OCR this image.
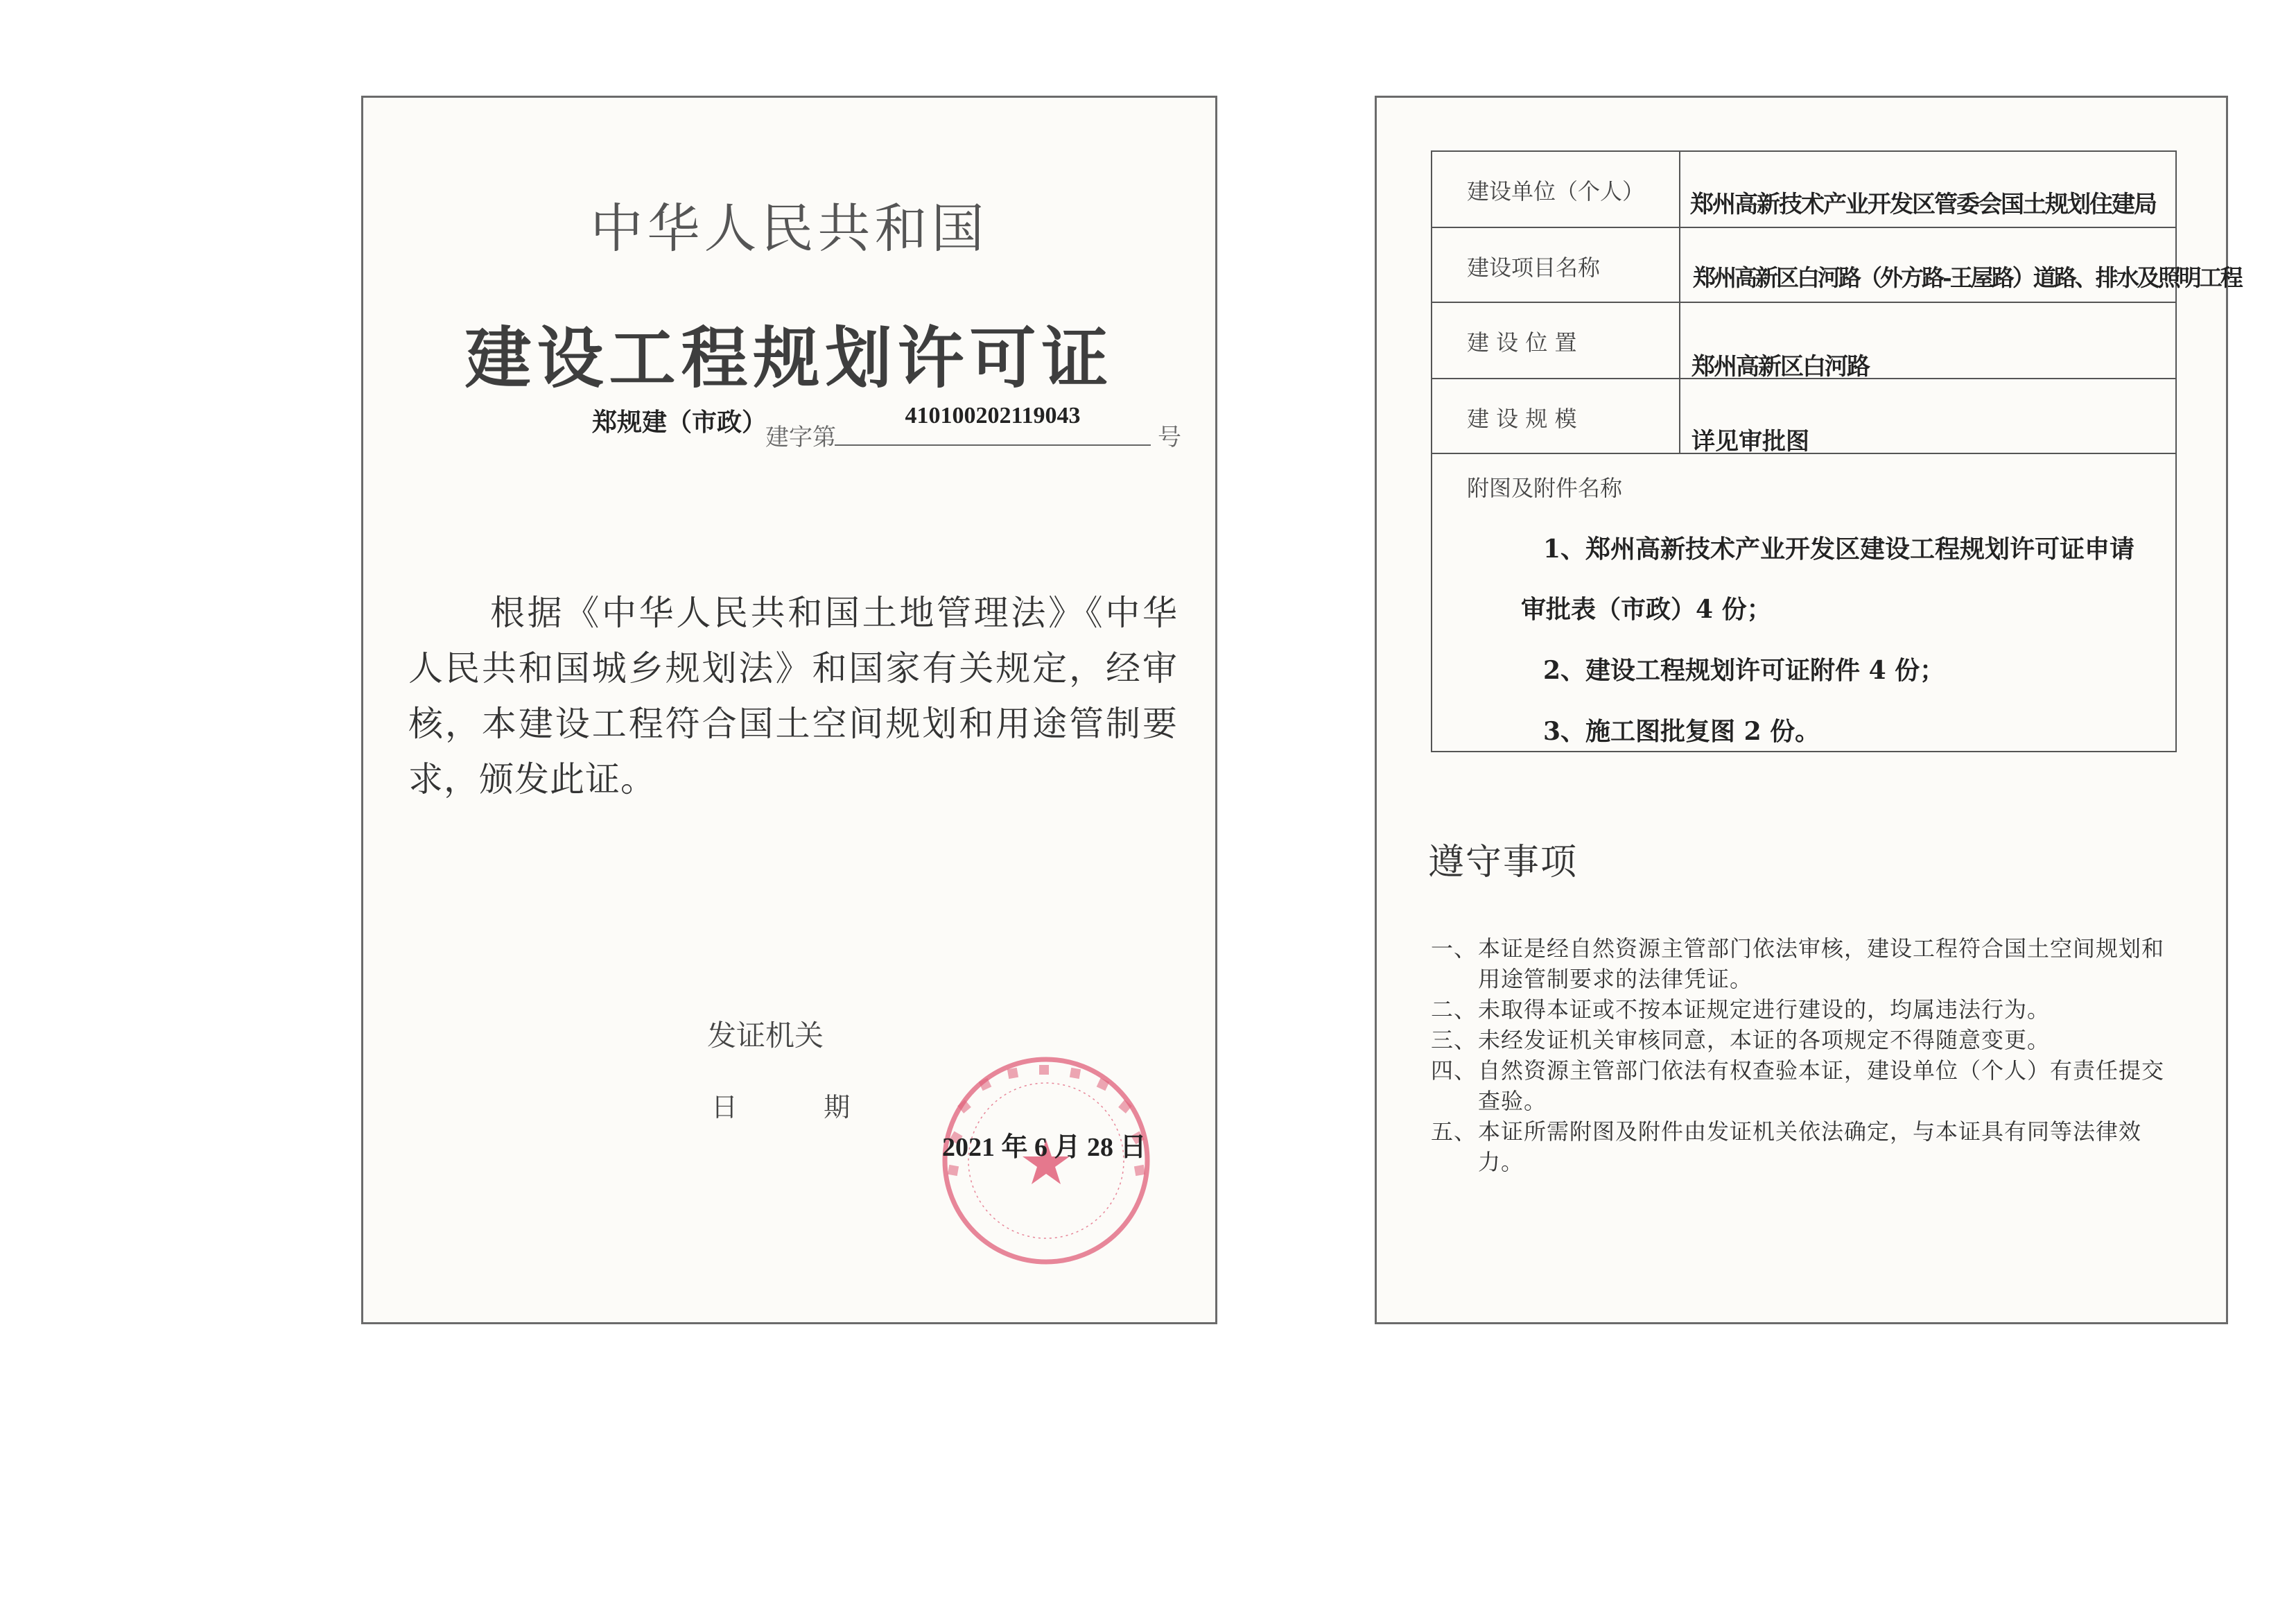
中华人民共和国
建设工程规划许可证
郑规建（市政）
建字第
410100202119043
号
根据《中华人民共和国土地管理法》《中华人民共和国城乡规划法》和国家有关规定，经审核，本建设工程符合国土空间规划和用途管制要求，颁发此证。
发证机关
日 期
2021 年 6 月 28 日
建设单位（个人） 郑州高新技术产业开发区管委会国土规划住建局
建设项目名称	郑州高新区白河路（外方路-王屋路）道路、排水及照明工程
建 设 位 置
郑州高新区白河路
建 设 规 模
详见审批图
附图及附件名称
1、郑州高新技术产业开发区建设工程规划许可证申请
审批表（市政）4 份；
2、建设工程规划许可证附件 4 份；
3、施工图批复图 2 份。
遵守事项
一、 本证是经自然资源主管部门依法审核，建设工程符合国土空间规划和用途管制要求的法律凭证。
二、 未取得本证或不按本证规定进行建设的，均属违法行为。
三、 未经发证机关审核同意，本证的各项规定不得随意变更。
四、 自然资源主管部门依法有权查验本证，建设单位（个人）有责任提交查验。
五、 本证所需附图及附件由发证机关依法确定，与本证具有同等法律效力。
